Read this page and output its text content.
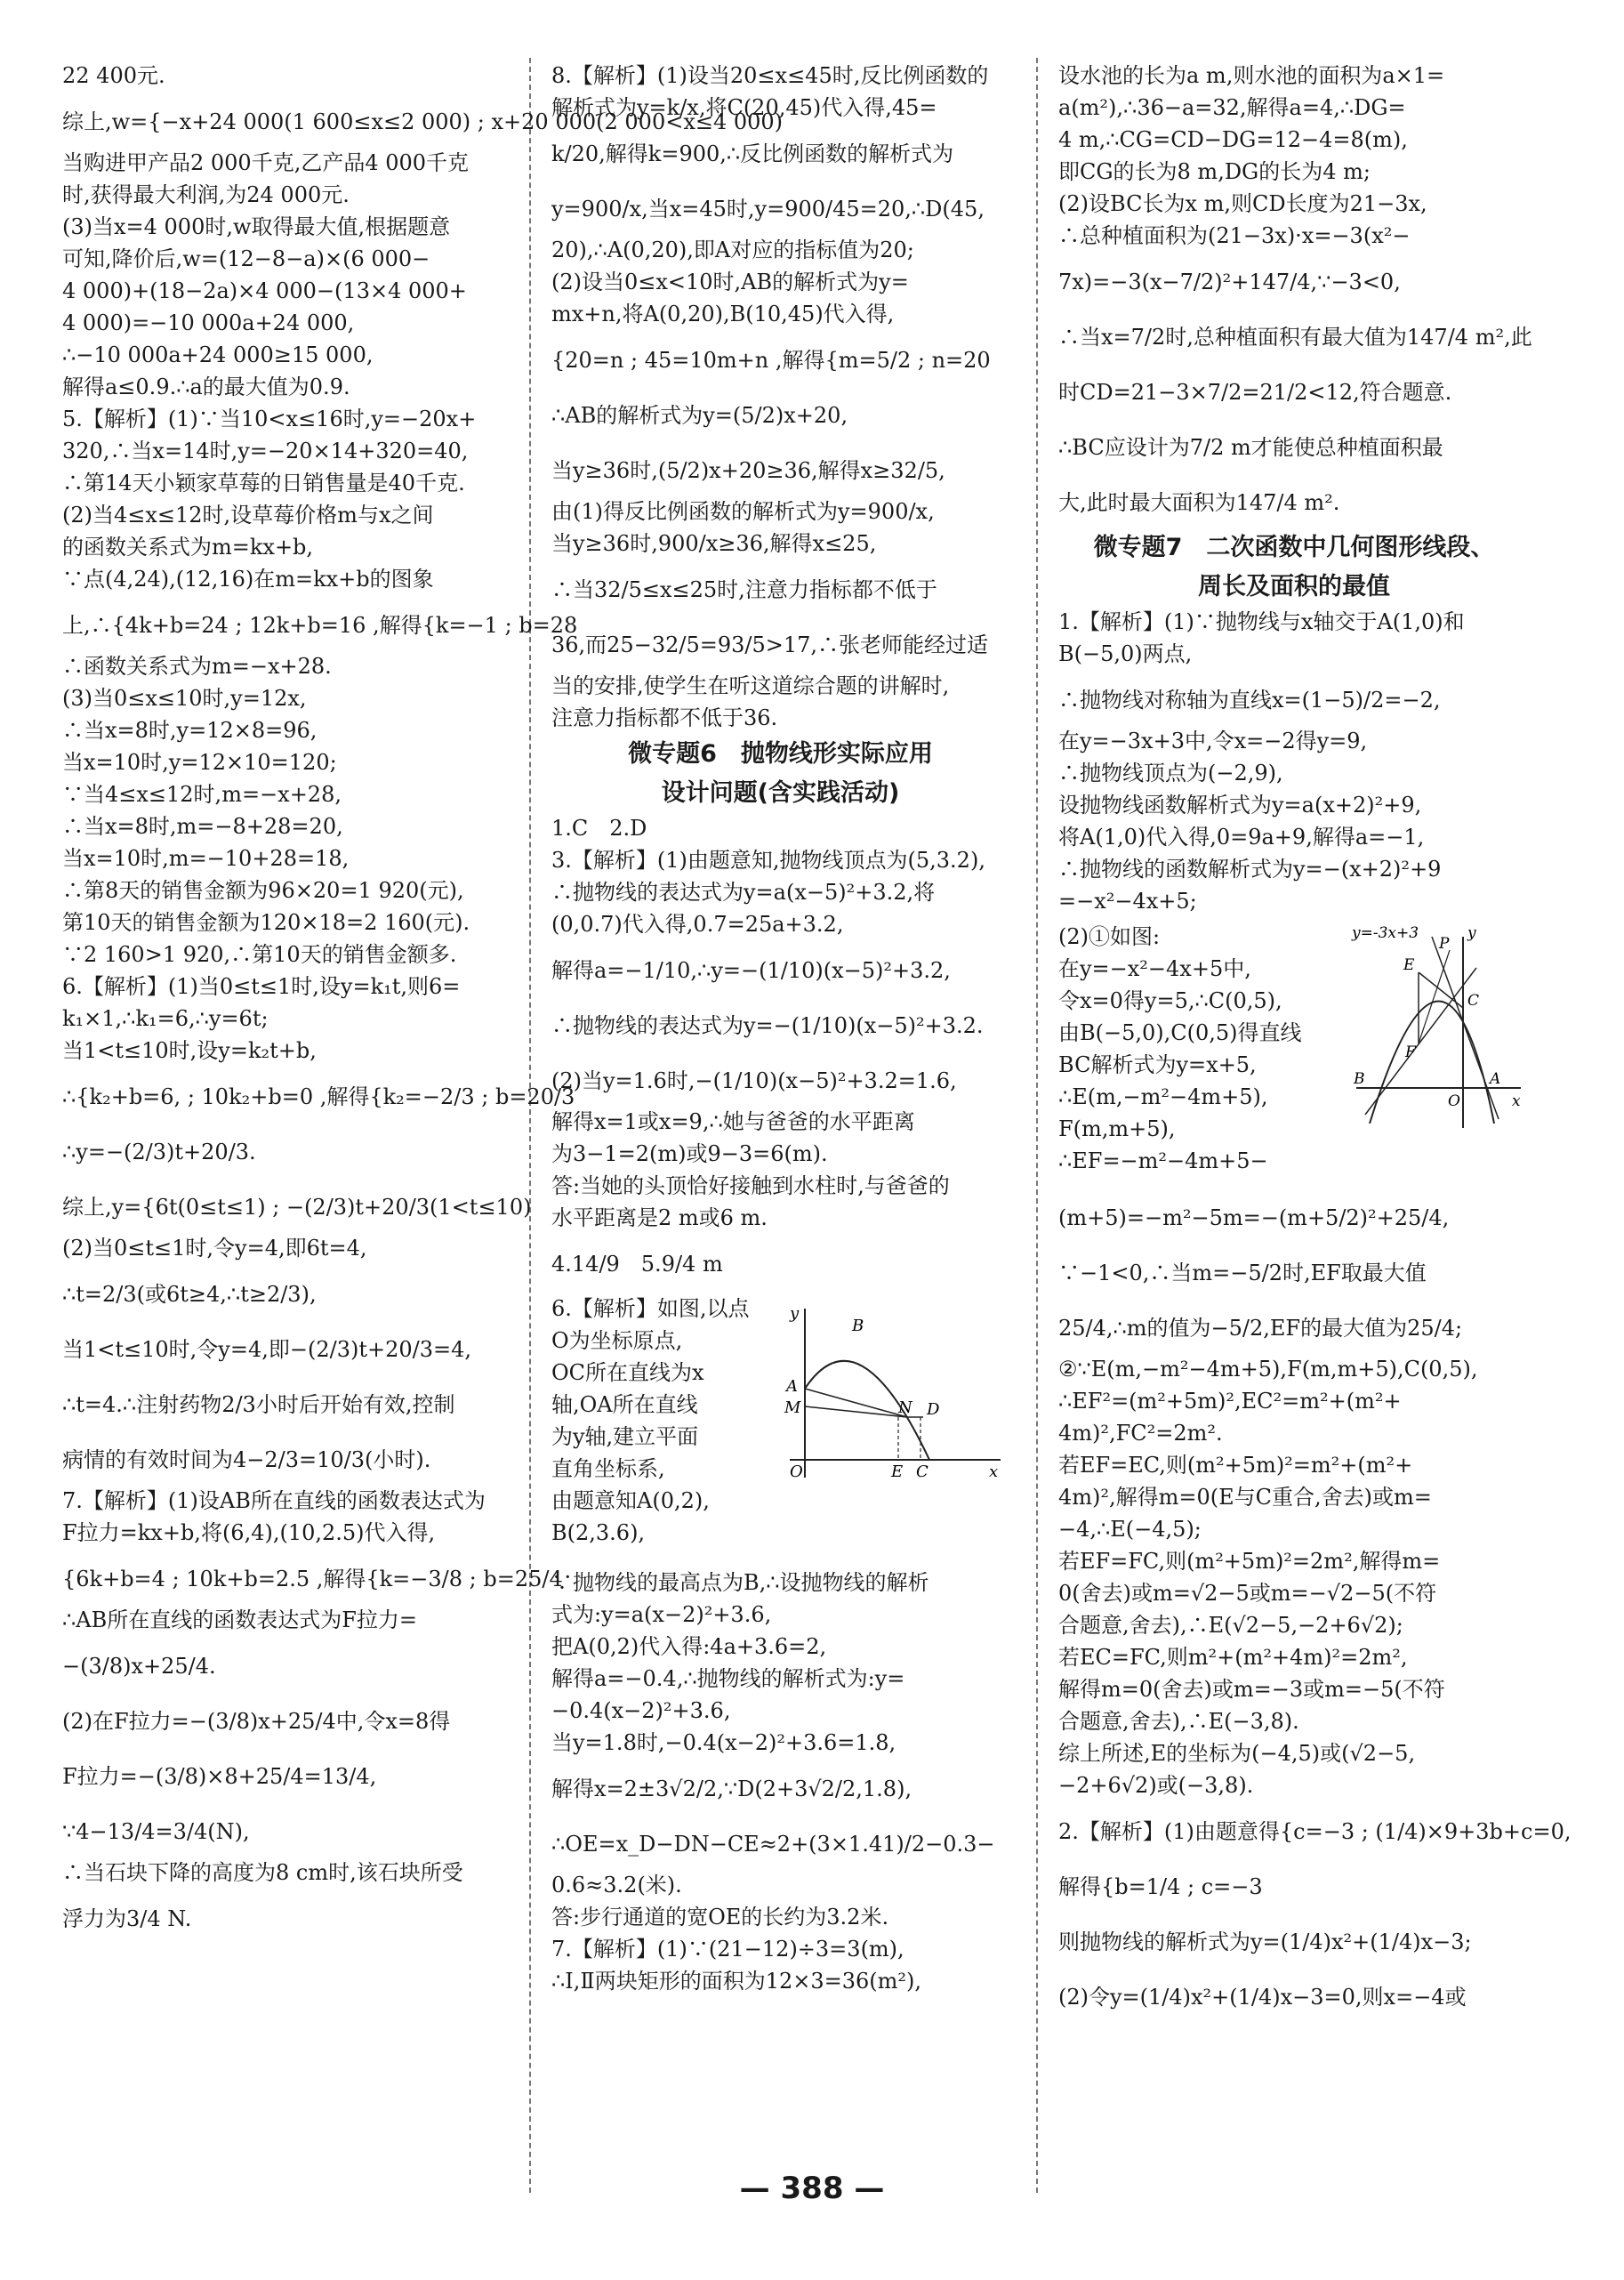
22 400元.
综上,w={−x+24 000(1 600≤x≤2 000) ; x+20 000(2 000<x≤4 000)
当购进甲产品2 000千克,乙产品4 000千克
时,获得最大利润,为24 000元.
(3)当x=4 000时,w取得最大值,根据题意
可知,降价后,w=(12−8−a)×(6 000−
4 000)+(18−2a)×4 000−(13×4 000+
4 000)=−10 000a+24 000,
∴−10 000a+24 000≥15 000,
解得a≤0.9.∴a的最大值为0.9.
5.【解析】(1)∵当10<x≤16时,y=−20x+
320,∴当x=14时,y=−20×14+320=40,
∴第14天小颖家草莓的日销售量是40千克.
(2)当4≤x≤12时,设草莓价格m与x之间
的函数关系式为m=kx+b,
∵点(4,24),(12,16)在m=kx+b的图象
上,∴{4k+b=24 ; 12k+b=16 ,解得{k=−1 ; b=28
∴函数关系式为m=−x+28.
(3)当0≤x≤10时,y=12x,
∴当x=8时,y=12×8=96,
当x=10时,y=12×10=120;
∵当4≤x≤12时,m=−x+28,
∴当x=8时,m=−8+28=20,
当x=10时,m=−10+28=18,
∴第8天的销售金额为96×20=1 920(元),
第10天的销售金额为120×18=2 160(元).
∵2 160>1 920,∴第10天的销售金额多.
6.【解析】(1)当0≤t≤1时,设y=k₁t,则6=
k₁×1,∴k₁=6,∴y=6t;
当1<t≤10时,设y=k₂t+b,
∴{k₂+b=6, ; 10k₂+b=0 ,解得{k₂=−2/3 ; b=20/3
∴y=−(2/3)t+20/3.
综上,y={6t(0≤t≤1) ; −(2/3)t+20/3(1<t≤10)
(2)当0≤t≤1时,令y=4,即6t=4,
∴t=2/3(或6t≥4,∴t≥2/3),
当1<t≤10时,令y=4,即−(2/3)t+20/3=4,
∴t=4.∴注射药物2/3小时后开始有效,控制
病情的有效时间为4−2/3=10/3(小时).
7.【解析】(1)设AB所在直线的函数表达式为
F拉力=kx+b,将(6,4),(10,2.5)代入得,
{6k+b=4 ; 10k+b=2.5 ,解得{k=−3/8 ; b=25/4
∴AB所在直线的函数表达式为F拉力=
−(3/8)x+25/4.
(2)在F拉力=−(3/8)x+25/4中,令x=8得
F拉力=−(3/8)×8+25/4=13/4,
∵4−13/4=3/4(N),
∴当石块下降的高度为8 cm时,该石块所受
浮力为3/4 N.
8.【解析】(1)设当20≤x≤45时,反比例函数的
解析式为y=k/x,将C(20,45)代入得,45=
k/20,解得k=900,∴反比例函数的解析式为
y=900/x,当x=45时,y=900/45=20,∴D(45,
20),∴A(0,20),即A对应的指标值为20;
(2)设当0≤x<10时,AB的解析式为y=
mx+n,将A(0,20),B(10,45)代入得,
{20=n ; 45=10m+n ,解得{m=5/2 ; n=20
∴AB的解析式为y=(5/2)x+20,
当y≥36时,(5/2)x+20≥36,解得x≥32/5,
由(1)得反比例函数的解析式为y=900/x,
当y≥36时,900/x≥36,解得x≤25,
∴当32/5≤x≤25时,注意力指标都不低于
36,而25−32/5=93/5>17,∴张老师能经过适
当的安排,使学生在听这道综合题的讲解时,
注意力指标都不低于36.
微专题6　抛物线形实际应用
设计问题(含实践活动)
1.C　2.D
3.【解析】(1)由题意知,抛物线顶点为(5,3.2),
∴抛物线的表达式为y=a(x−5)²+3.2,将
(0,0.7)代入得,0.7=25a+3.2,
解得a=−1/10,∴y=−(1/10)(x−5)²+3.2,
∴抛物线的表达式为y=−(1/10)(x−5)²+3.2.
(2)当y=1.6时,−(1/10)(x−5)²+3.2=1.6,
解得x=1或x=9,∴她与爸爸的水平距离
为3−1=2(m)或9−3=6(m).
答:当她的头顶恰好接触到水柱时,与爸爸的
水平距离是2 m或6 m.
4.14/9　5.9/4 m
6.【解析】如图,以点
O为坐标原点,
OC所在直线为x
轴,OA所在直线
为y轴,建立平面
直角坐标系,
由题意知A(0,2),
B(2,3.6),
y
B
A
M	N D
O	E C	x
∵抛物线的最高点为B,∴设抛物线的解析
式为:y=a(x−2)²+3.6,
把A(0,2)代入得:4a+3.6=2,
解得a=−0.4,∴抛物线的解析式为:y=
−0.4(x−2)²+3.6,
当y=1.8时,−0.4(x−2)²+3.6=1.8,
解得x=2±3√2/2,∵D(2+3√2/2,1.8),
∴OE=x_D−DN−CE≈2+(3×1.41)/2−0.3−
0.6≈3.2(米).
答:步行通道的宽OE的长约为3.2米.
7.【解析】(1)∵(21−12)÷3=3(m),
∴Ⅰ,Ⅱ两块矩形的面积为12×3=36(m²),
设水池的长为a m,则水池的面积为a×1=
a(m²),∴36−a=32,解得a=4,∴DG=
4 m,∴CG=CD−DG=12−4=8(m),
即CG的长为8 m,DG的长为4 m;
(2)设BC长为x m,则CD长度为21−3x,
∴总种植面积为(21−3x)·x=−3(x²−
7x)=−3(x−7/2)²+147/4,∵−3<0,
∴当x=7/2时,总种植面积有最大值为147/4 m²,此
时CD=21−3×7/2=21/2<12,符合题意.
∴BC应设计为7/2 m才能使总种植面积最
大,此时最大面积为147/4 m².
微专题7　二次函数中几何图形线段、
周长及面积的最值
1.【解析】(1)∵抛物线与x轴交于A(1,0)和
B(−5,0)两点,
∴抛物线对称轴为直线x=(1−5)/2=−2,
在y=−3x+3中,令x=−2得y=9,
∴抛物线顶点为(−2,9),
设抛物线函数解析式为y=a(x+2)²+9,
将A(1,0)代入得,0=9a+9,解得a=−1,
∴抛物线的函数解析式为y=−(x+2)²+9
=−x²−4x+5;
(2)①如图:
在y=−x²−4x+5中,
令x=0得y=5,∴C(0,5),
由B(−5,0),C(0,5)得直线
BC解析式为y=x+5,
∴E(m,−m²−4m+5),
F(m,m+5),
∴EF=−m²−4m+5−
y=-3x+3
P
y
E
C
F
B	A
O	x
(m+5)=−m²−5m=−(m+5/2)²+25/4,
∵−1<0,∴当m=−5/2时,EF取最大值
25/4,∴m的值为−5/2,EF的最大值为25/4;
②∵E(m,−m²−4m+5),F(m,m+5),C(0,5),
∴EF²=(m²+5m)²,EC²=m²+(m²+
4m)²,FC²=2m².
若EF=EC,则(m²+5m)²=m²+(m²+
4m)²,解得m=0(E与C重合,舍去)或m=
−4,∴E(−4,5);
若EF=FC,则(m²+5m)²=2m²,解得m=
0(舍去)或m=√2−5或m=−√2−5(不符
合题意,舍去),∴E(√2−5,−2+6√2);
若EC=FC,则m²+(m²+4m)²=2m²,
解得m=0(舍去)或m=−3或m=−5(不符
合题意,舍去),∴E(−3,8).
综上所述,E的坐标为(−4,5)或(√2−5,
−2+6√2)或(−3,8).
2.【解析】(1)由题意得{c=−3 ; (1/4)×9+3b+c=0,
解得{b=1/4 ; c=−3
则抛物线的解析式为y=(1/4)x²+(1/4)x−3;
(2)令y=(1/4)x²+(1/4)x−3=0,则x=−4或
— 388 —
